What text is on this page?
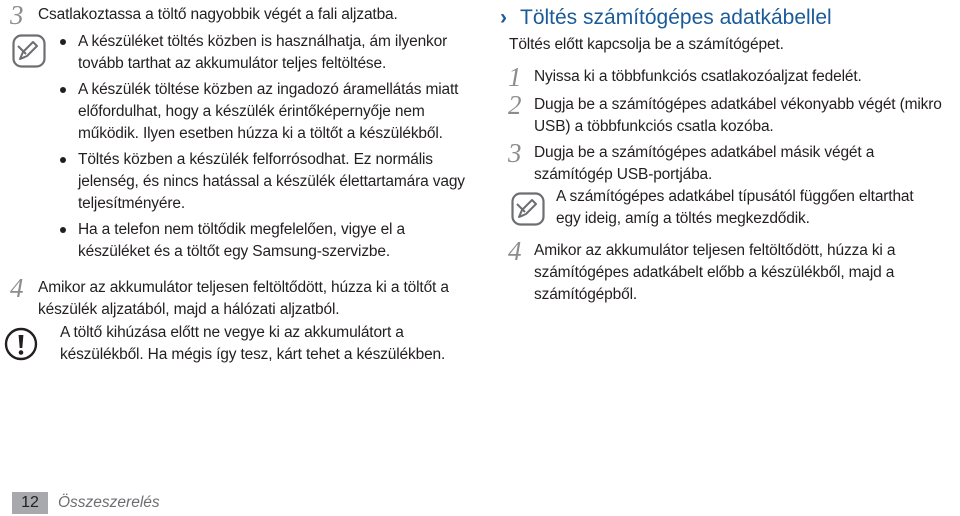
3 Csatlakoztassa a töltő nagyobbik végét a fali aljzatba.
A készüléket töltés közben is használhatja, ám ilyenkor tovább tarthat az akkumulátor teljes feltöltése.
A készülék töltése közben az ingadozó áramellátás miatt előfordulhat, hogy a készülék érintőképernyője nem működik. Ilyen esetben húzza ki a töltőt a készülékből.
Töltés közben a készülék felforrósodhat. Ez normális jelenség, és nincs hatással a készülék élettartamára vagy teljesítményére.
Ha a telefon nem töltődik megfelelően, vigye el a készüléket és a töltőt egy Samsung-szervizbe.
4 Amikor az akkumulátor teljesen feltöltődött, húzza ki a töltőt a készülék aljzatából, majd a hálózati aljzatból.
A töltő kihúzása előtt ne vegye ki az akkumulátort a készülékből. Ha mégis így tesz, kárt tehet a készülékben.
› Töltés számítógépes adatkábellel
Töltés előtt kapcsolja be a számítógépet.
1 Nyissa ki a többfunkciós csatlakozóaljzat fedelét.
2 Dugja be a számítógépes adatkábel vékonyabb végét (mikro USB) a többfunkciós csatla kozóba.
3 Dugja be a számítógépes adatkábel másik végét a számítógép USB-portjába.
A számítógépes adatkábel típusától függően eltarthat egy ideig, amíg a töltés megkezdődik.
4 Amikor az akkumulátor teljesen feltöltődött, húzza ki a számítógépes adatkábelt előbb a készülékből, majd a számítógépből.
12	Összeszerelés
